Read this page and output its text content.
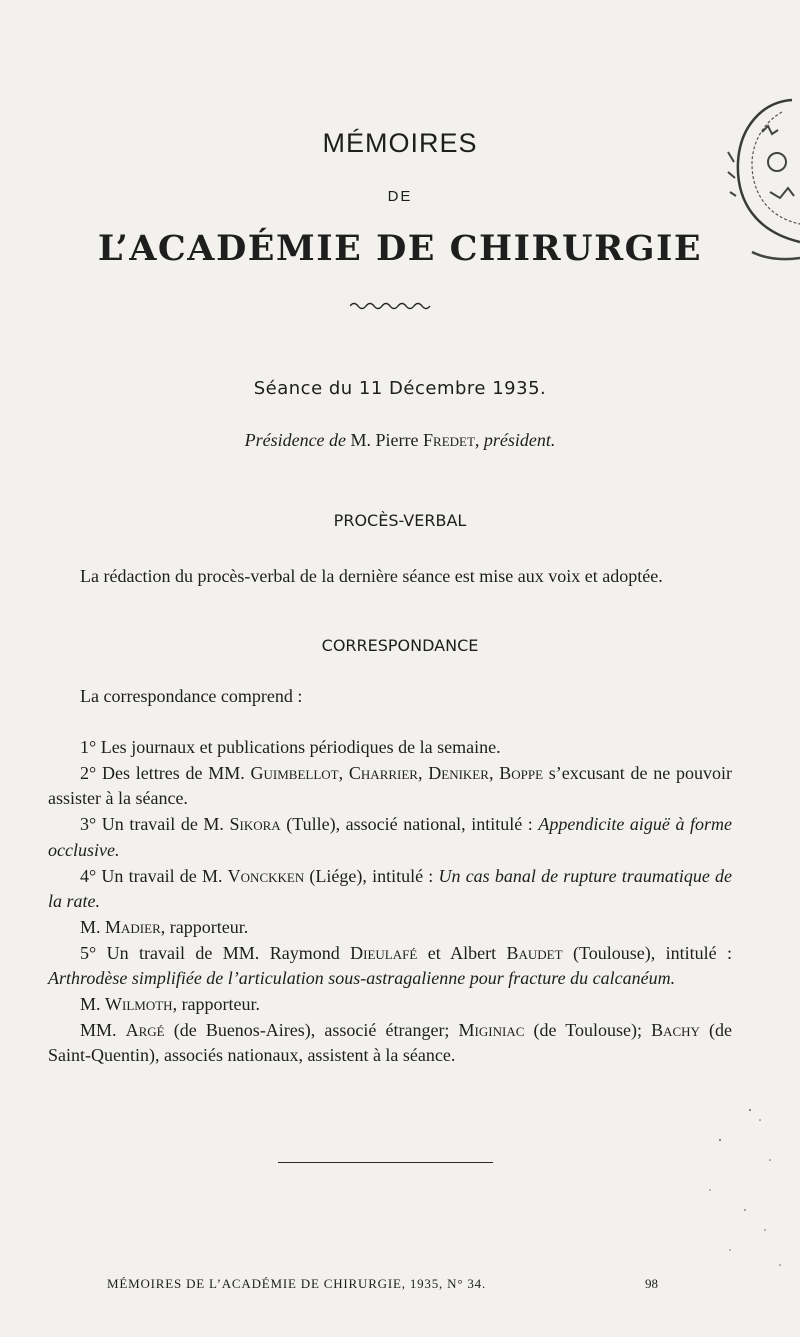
MÉMOIRES
DE
L’ACADÉMIE DE CHIRURGIE
Séance du 11 Décembre 1935.
Présidence de M. Pierre Fredet, président.
PROCÈS-VERBAL

La rédaction du procès-verbal de la dernière séance est mise aux voix et adoptée.

CORRESPONDANCE

La correspondance comprend :

1° Les journaux et publications périodiques de la semaine.

2° Des lettres de MM. Guimbellot, Charrier, Deniker, Boppe s’excusant de ne pouvoir assister à la séance.

3° Un travail de M. Sikora (Tulle), associé national, intitulé : Appendicite aiguë à forme occlusive.

4° Un travail de M. Vonckken (Liége), intitulé : Un cas banal de rupture traumatique de la rate.

M. Madier, rapporteur.

5° Un travail de MM. Raymond Dieulafé et Albert Baudet (Toulouse), intitulé : Arthrodèse simplifiée de l’articulation sous-astragalienne pour fracture du calcanéum.

M. Wilmoth, rapporteur.

MM. Argé (de Buenos-Aires), associé étranger; Miginiac (de Toulouse); Bachy (de Saint-Quentin), associés nationaux, assistent à la séance.

MÉMOIRES DE L’ACADÉMIE DE CHIRURGIE, 1935, N° 34.	98
